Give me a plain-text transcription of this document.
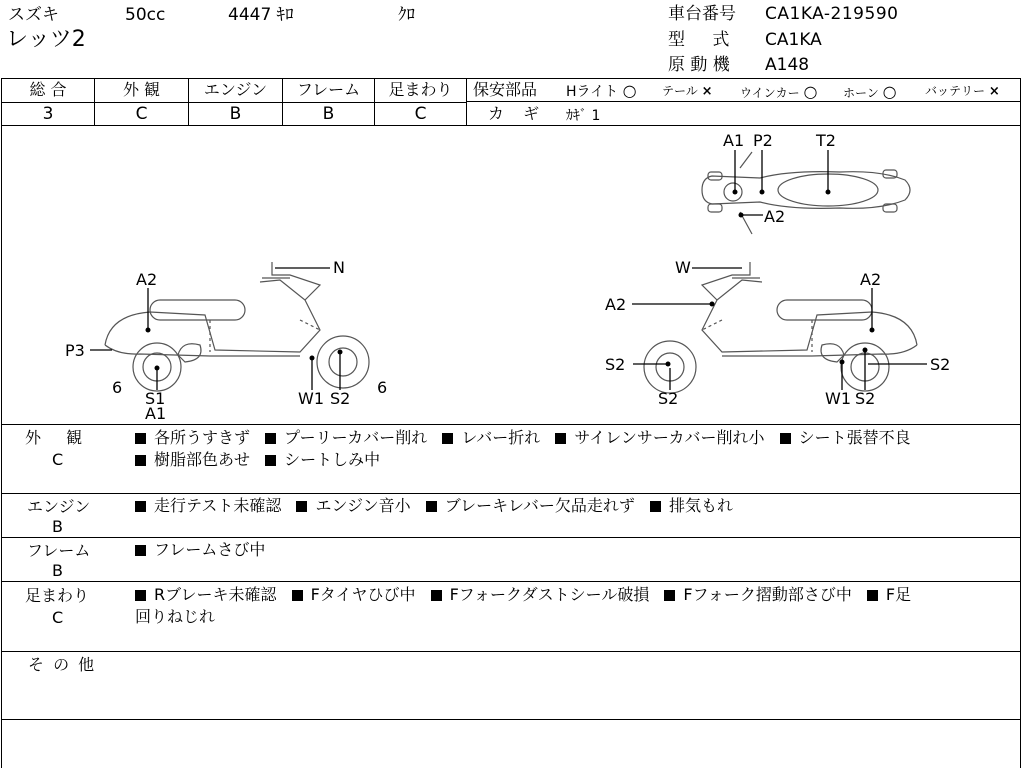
スズキ	50cc	4447 ｷﾛ	ｸﾛ
レッツ2
車台番号 CA1KA-219590
型 式 CA1KA
原 動 機 A148
総 合	外 観	エンジン	フレーム	足まわり
3	C	B	B	C
保安部品 Hライト ○ テール × ウインカー ○ ホーン ○ バッテリー ×
カ ギ ｶｷﾞ 1
A1 P2	T2
A2
N
A2
P3
6
S1
A1
W1 S2
6
W
A2
A2
S2
S2	W1 S2
S2
外 観
C
各所うすきず プーリーカバー削れ レバー折れ サイレンサーカバー削れ小 シート張替不良
樹脂部色あせ シートしみ中
エンジン
B
走行テスト未確認 エンジン音小 ブレーキレバー欠品走れず 排気もれ
フレーム
B
フレームさび中
足まわり
C
Rブレーキ未確認 Fタイヤひび中 Fフォークダストシール破損 Fフォーク摺動部さび中 F足
回りねじれ
そ の 他
